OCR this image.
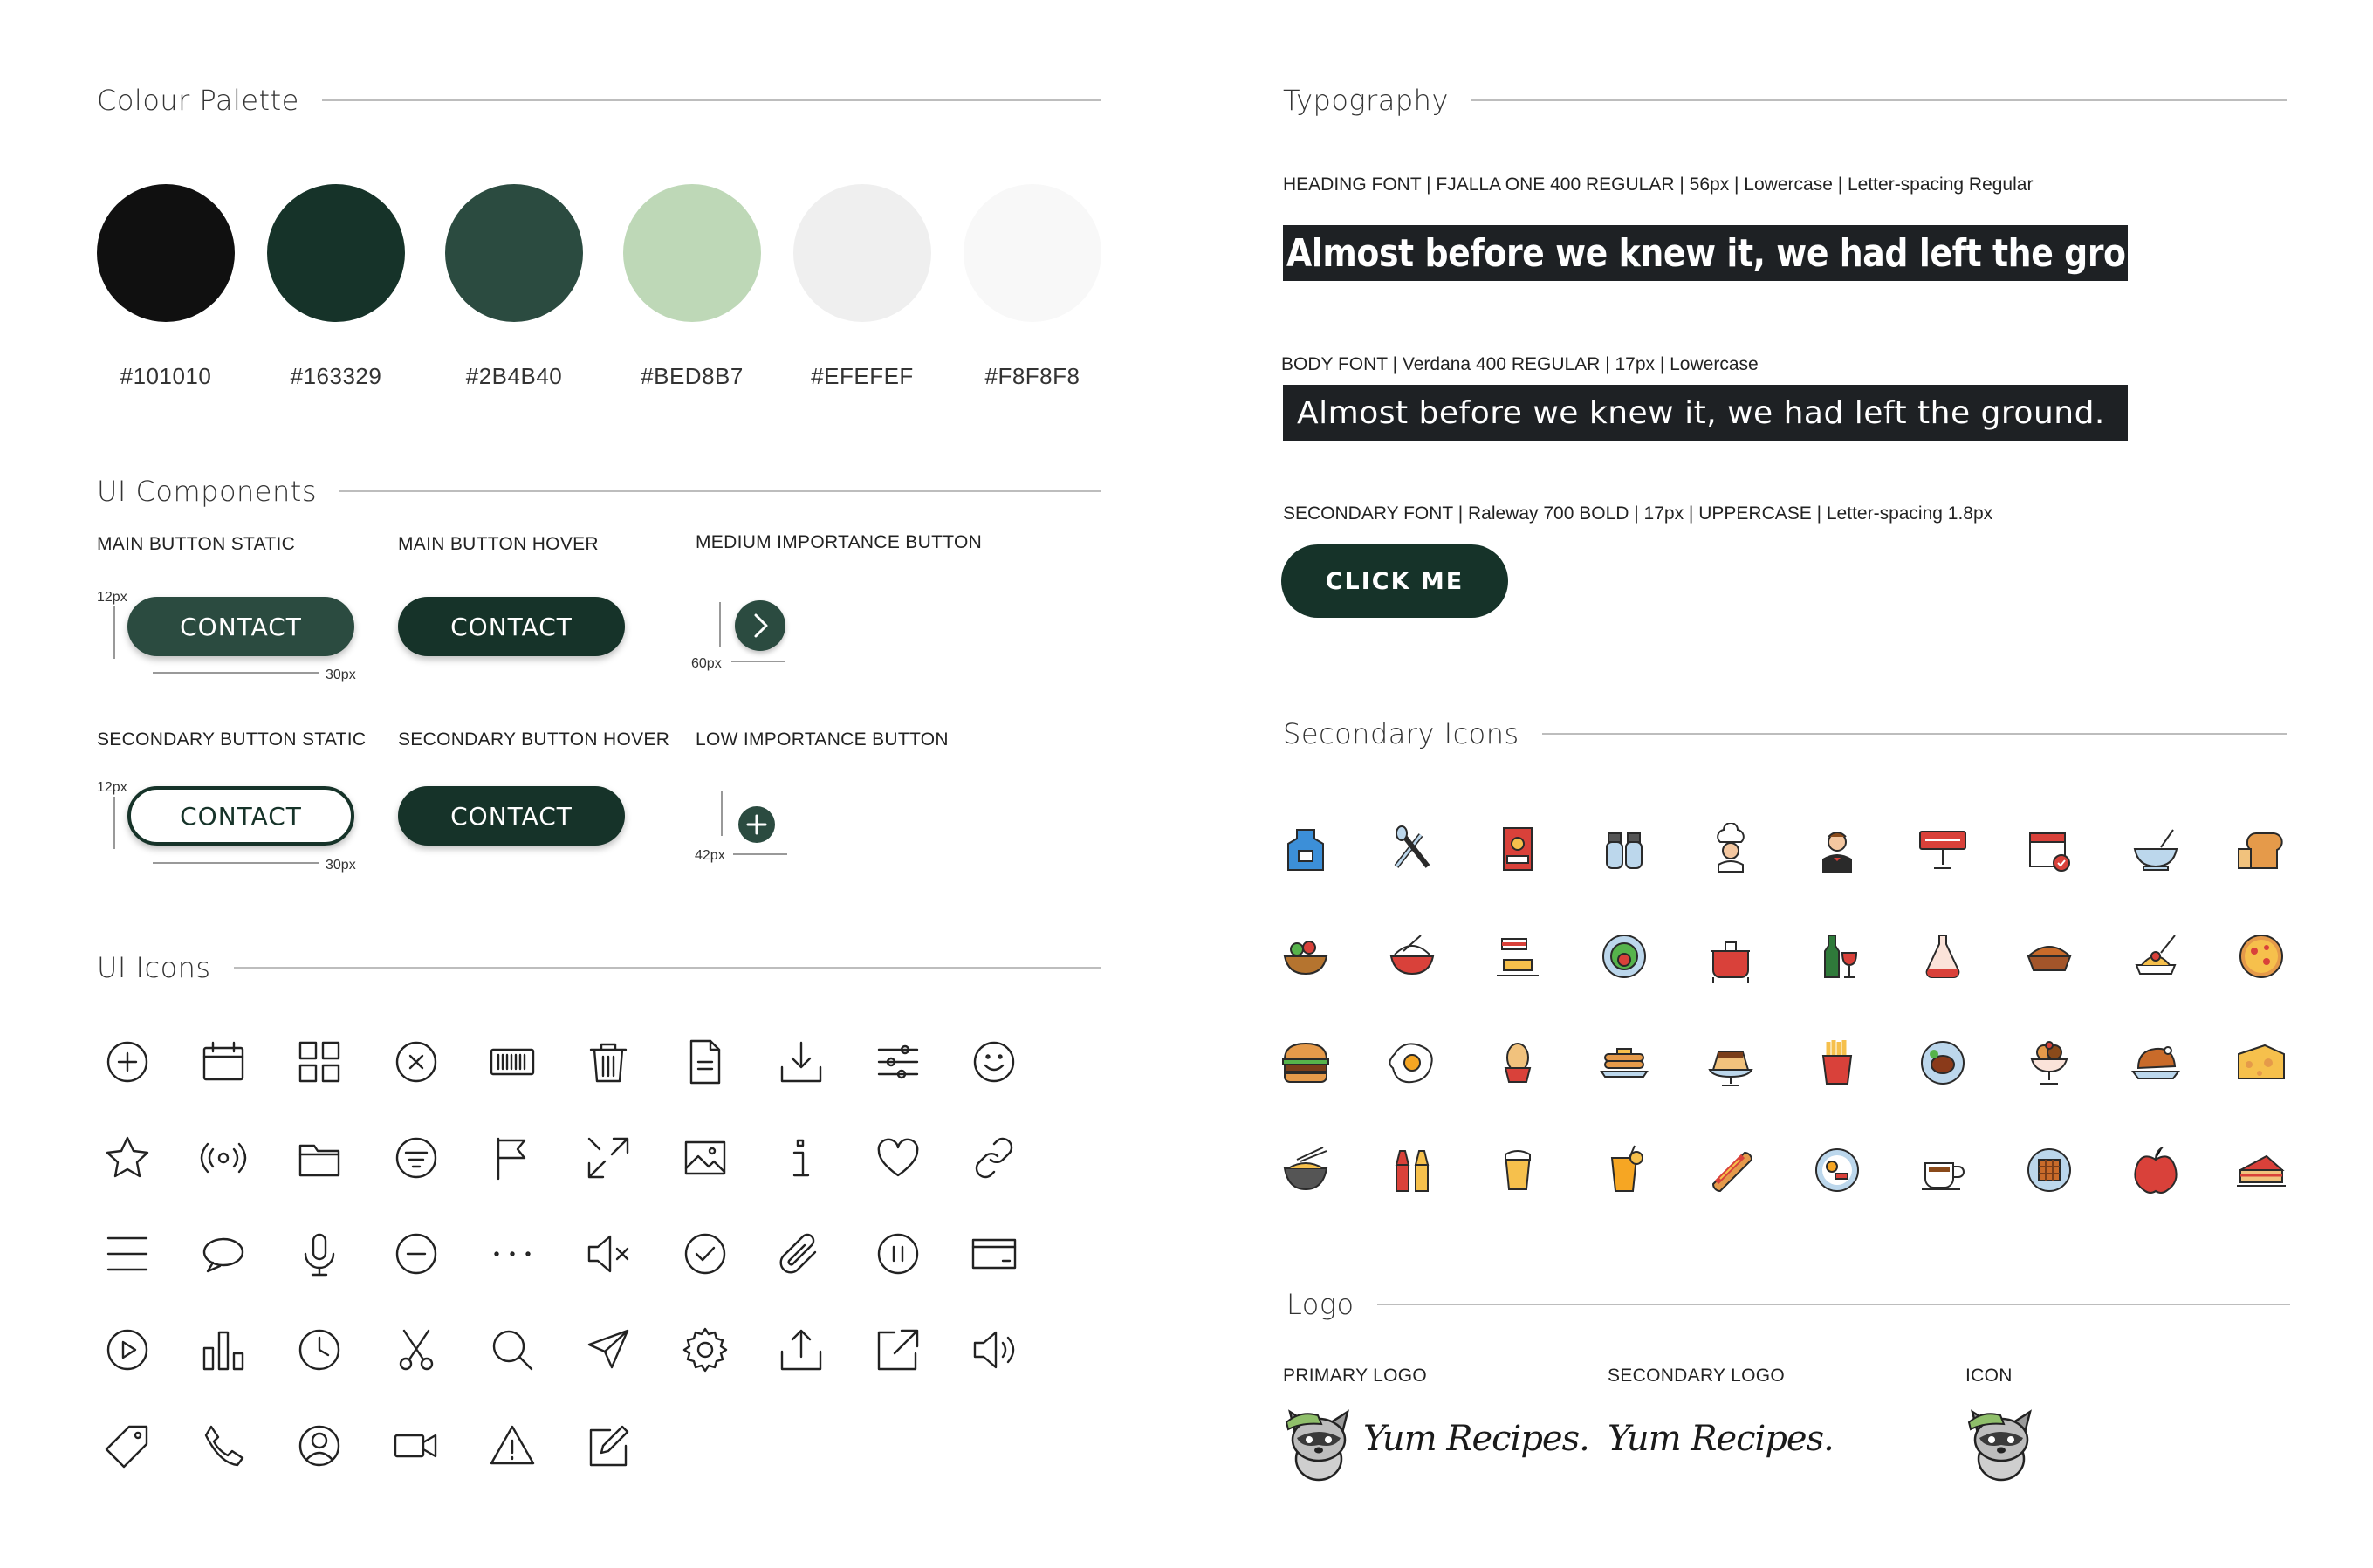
Colour Palette
#101010	#163329	#2B4B40	#BED8B7	#EFEFEF	#F8F8F8
UI Components
MAIN BUTTON STATIC	MAIN BUTTON HOVER	MEDIUM IMPORTANCE BUTTON
12px
CONTACT
30px
CONTACT
60px
SECONDARY BUTTON STATIC SECONDARY BUTTON HOVER LOW IMPORTANCE BUTTON
12px
CONTACT
30px
CONTACT
42px
UI Icons
Typography
HEADING FONT | FJALLA ONE 400 REGULAR | 56px | Lowercase | Letter-spacing Regular
Almost before we knew it, we had left the ground.
BODY FONT | Verdana 400 REGULAR | 17px | Lowercase
Almost before we knew it, we had left the ground.
SECONDARY FONT | Raleway 700 BOLD | 17px | UPPERCASE | Letter-spacing 1.8px
CLICK ME
Secondary Icons
Logo
PRIMARY LOGO	SECONDARY LOGO	ICON
Yum Recipes. Yum Recipes.
